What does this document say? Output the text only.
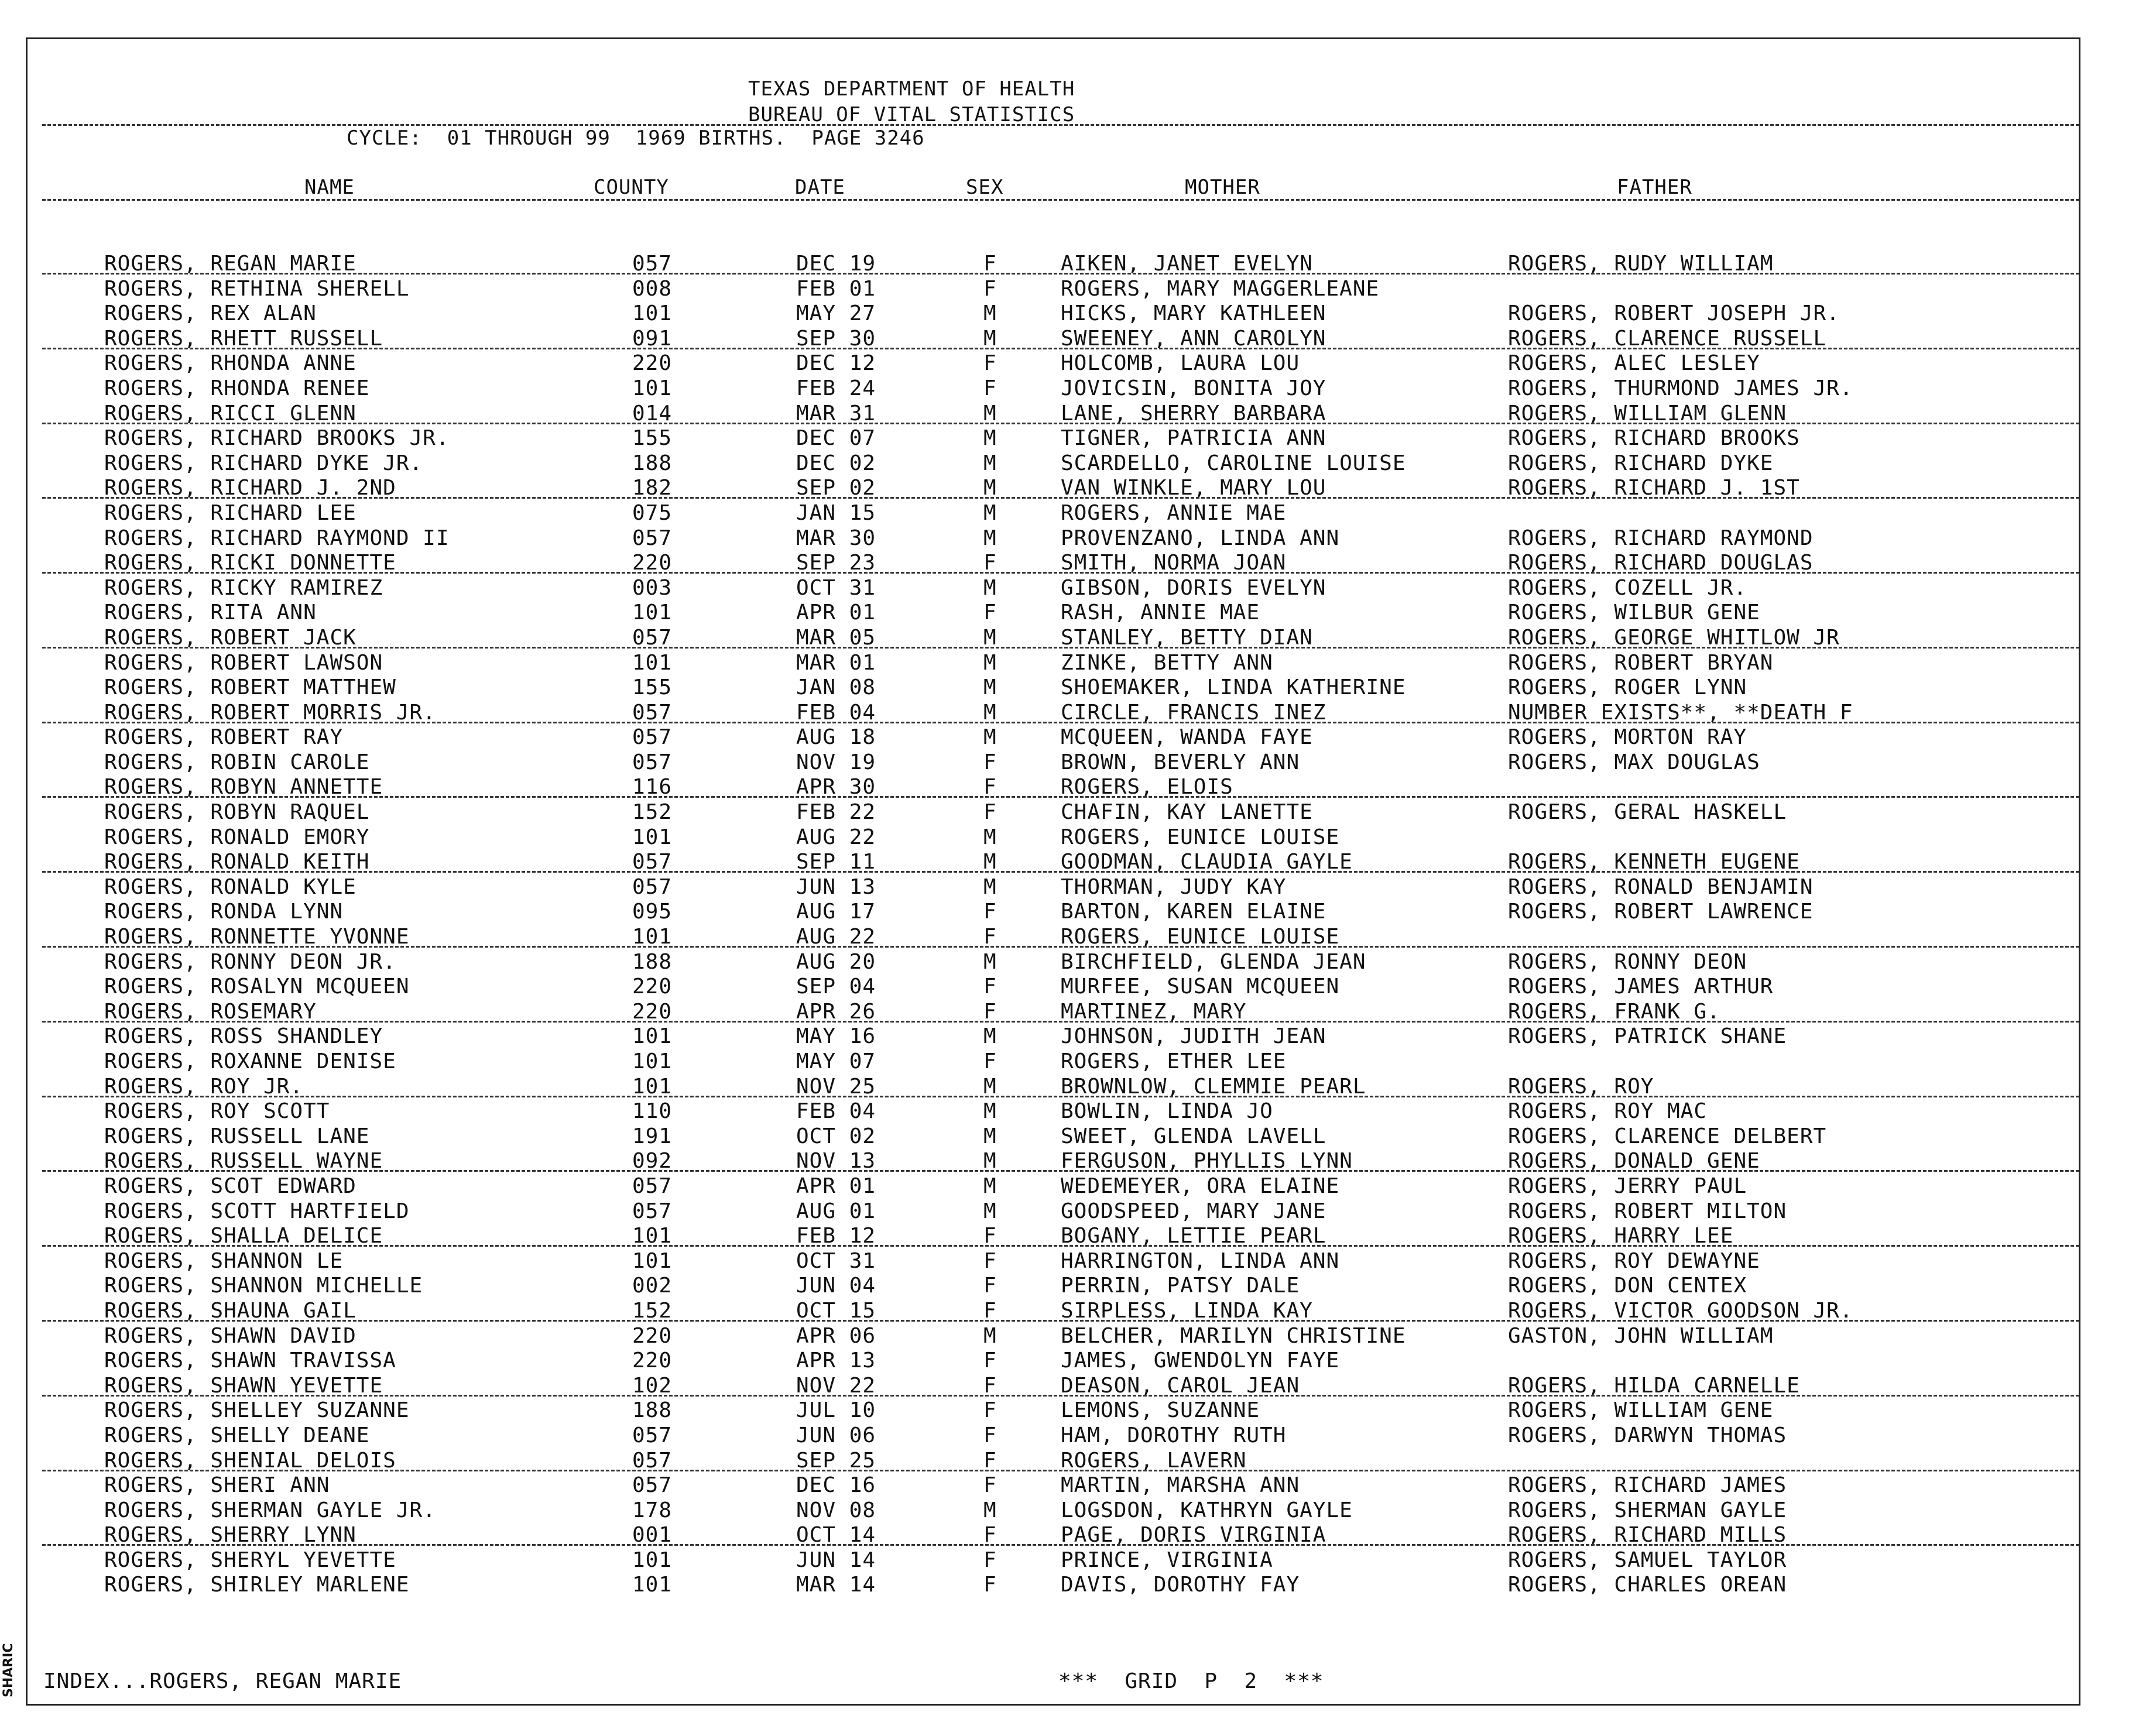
TEXAS DEPARTMENT OF HEALTH
BUREAU OF VITAL STATISTICS
CYCLE:  01 THROUGH 99  1969 BIRTHS.  PAGE 3246
NAME	COUNTY	DATE	SEX	MOTHER	FATHER
ROGERS, REGAN MARIE	057	DEC 19	F	AIKEN, JANET EVELYN	ROGERS, RUDY WILLIAM
ROGERS, RETHINA SHERELL	008	FEB 01	F	ROGERS, MARY MAGGERLEANE
ROGERS, REX ALAN	101	MAY 27	M	HICKS, MARY KATHLEEN	ROGERS, ROBERT JOSEPH JR.
ROGERS, RHETT RUSSELL	091	SEP 30	M	SWEENEY, ANN CAROLYN	ROGERS, CLARENCE RUSSELL
ROGERS, RHONDA ANNE	220	DEC 12	F	HOLCOMB, LAURA LOU	ROGERS, ALEC LESLEY
ROGERS, RHONDA RENEE	101	FEB 24	F	JOVICSIN, BONITA JOY	ROGERS, THURMOND JAMES JR.
ROGERS, RICCI GLENN	014	MAR 31	M	LANE, SHERRY BARBARA	ROGERS, WILLIAM GLENN
ROGERS, RICHARD BROOKS JR.	155	DEC 07	M	TIGNER, PATRICIA ANN	ROGERS, RICHARD BROOKS
ROGERS, RICHARD DYKE JR.	188	DEC 02	M	SCARDELLO, CAROLINE LOUISE	ROGERS, RICHARD DYKE
ROGERS, RICHARD J. 2ND	182	SEP 02	M	VAN WINKLE, MARY LOU	ROGERS, RICHARD J. 1ST
ROGERS, RICHARD LEE	075	JAN 15	M	ROGERS, ANNIE MAE
ROGERS, RICHARD RAYMOND II	057	MAR 30	M	PROVENZANO, LINDA ANN	ROGERS, RICHARD RAYMOND
ROGERS, RICKI DONNETTE	220	SEP 23	F	SMITH, NORMA JOAN	ROGERS, RICHARD DOUGLAS
ROGERS, RICKY RAMIREZ	003	OCT 31	M	GIBSON, DORIS EVELYN	ROGERS, COZELL JR.
ROGERS, RITA ANN	101	APR 01	F	RASH, ANNIE MAE	ROGERS, WILBUR GENE
ROGERS, ROBERT JACK	057	MAR 05	M	STANLEY, BETTY DIAN	ROGERS, GEORGE WHITLOW JR
ROGERS, ROBERT LAWSON	101	MAR 01	M	ZINKE, BETTY ANN	ROGERS, ROBERT BRYAN
ROGERS, ROBERT MATTHEW	155	JAN 08	M	SHOEMAKER, LINDA KATHERINE	ROGERS, ROGER LYNN
ROGERS, ROBERT MORRIS JR.	057	FEB 04	M	CIRCLE, FRANCIS INEZ	NUMBER EXISTS**, **DEATH F
ROGERS, ROBERT RAY	057	AUG 18	M	MCQUEEN, WANDA FAYE	ROGERS, MORTON RAY
ROGERS, ROBIN CAROLE	057	NOV 19	F	BROWN, BEVERLY ANN	ROGERS, MAX DOUGLAS
ROGERS, ROBYN ANNETTE	116	APR 30	F	ROGERS, ELOIS
ROGERS, ROBYN RAQUEL	152	FEB 22	F	CHAFIN, KAY LANETTE	ROGERS, GERAL HASKELL
ROGERS, RONALD EMORY	101	AUG 22	M	ROGERS, EUNICE LOUISE
ROGERS, RONALD KEITH	057	SEP 11	M	GOODMAN, CLAUDIA GAYLE	ROGERS, KENNETH EUGENE
ROGERS, RONALD KYLE	057	JUN 13	M	THORMAN, JUDY KAY	ROGERS, RONALD BENJAMIN
ROGERS, RONDA LYNN	095	AUG 17	F	BARTON, KAREN ELAINE	ROGERS, ROBERT LAWRENCE
ROGERS, RONNETTE YVONNE	101	AUG 22	F	ROGERS, EUNICE LOUISE
ROGERS, RONNY DEON JR.	188	AUG 20	M	BIRCHFIELD, GLENDA JEAN	ROGERS, RONNY DEON
ROGERS, ROSALYN MCQUEEN	220	SEP 04	F	MURFEE, SUSAN MCQUEEN	ROGERS, JAMES ARTHUR
ROGERS, ROSEMARY	220	APR 26	F	MARTINEZ, MARY	ROGERS, FRANK G.
ROGERS, ROSS SHANDLEY	101	MAY 16	M	JOHNSON, JUDITH JEAN	ROGERS, PATRICK SHANE
ROGERS, ROXANNE DENISE	101	MAY 07	F	ROGERS, ETHER LEE
ROGERS, ROY JR.	101	NOV 25	M	BROWNLOW, CLEMMIE PEARL	ROGERS, ROY
ROGERS, ROY SCOTT	110	FEB 04	M	BOWLIN, LINDA JO	ROGERS, ROY MAC
ROGERS, RUSSELL LANE	191	OCT 02	M	SWEET, GLENDA LAVELL	ROGERS, CLARENCE DELBERT
ROGERS, RUSSELL WAYNE	092	NOV 13	M	FERGUSON, PHYLLIS LYNN	ROGERS, DONALD GENE
ROGERS, SCOT EDWARD	057	APR 01	M	WEDEMEYER, ORA ELAINE	ROGERS, JERRY PAUL
ROGERS, SCOTT HARTFIELD	057	AUG 01	M	GOODSPEED, MARY JANE	ROGERS, ROBERT MILTON
ROGERS, SHALLA DELICE	101	FEB 12	F	BOGANY, LETTIE PEARL	ROGERS, HARRY LEE
ROGERS, SHANNON LE	101	OCT 31	F	HARRINGTON, LINDA ANN	ROGERS, ROY DEWAYNE
ROGERS, SHANNON MICHELLE	002	JUN 04	F	PERRIN, PATSY DALE	ROGERS, DON CENTEX
ROGERS, SHAUNA GAIL	152	OCT 15	F	SIRPLESS, LINDA KAY	ROGERS, VICTOR GOODSON JR.
ROGERS, SHAWN DAVID	220	APR 06	M	BELCHER, MARILYN CHRISTINE	GASTON, JOHN WILLIAM
ROGERS, SHAWN TRAVISSA	220	APR 13	F	JAMES, GWENDOLYN FAYE
ROGERS, SHAWN YEVETTE	102	NOV 22	F	DEASON, CAROL JEAN	ROGERS, HILDA CARNELLE
ROGERS, SHELLEY SUZANNE	188	JUL 10	F	LEMONS, SUZANNE	ROGERS, WILLIAM GENE
ROGERS, SHELLY DEANE	057	JUN 06	F	HAM, DOROTHY RUTH	ROGERS, DARWYN THOMAS
ROGERS, SHENIAL DELOIS	057	SEP 25	F	ROGERS, LAVERN
ROGERS, SHERI ANN	057	DEC 16	F	MARTIN, MARSHA ANN	ROGERS, RICHARD JAMES
ROGERS, SHERMAN GAYLE JR.	178	NOV 08	M	LOGSDON, KATHRYN GAYLE	ROGERS, SHERMAN GAYLE
ROGERS, SHERRY LYNN	001	OCT 14	F	PAGE, DORIS VIRGINIA	ROGERS, RICHARD MILLS
ROGERS, SHERYL YEVETTE	101	JUN 14	F	PRINCE, VIRGINIA	ROGERS, SAMUEL TAYLOR
ROGERS, SHIRLEY MARLENE	101	MAR 14	F	DAVIS, DOROTHY FAY	ROGERS, CHARLES OREAN
INDEX...ROGERS, REGAN MARIE	***  GRID  P  2  ***
SHARIC
